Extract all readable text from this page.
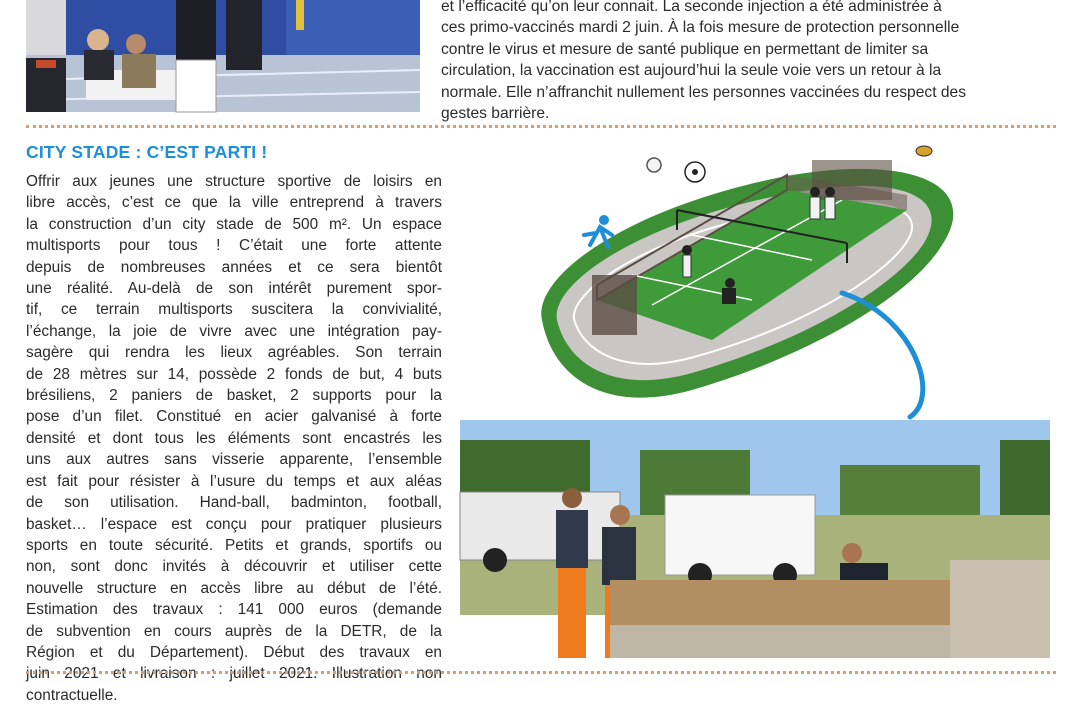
et l’efficacité qu’on leur connait. La seconde injection a été administrée à
ces primo-vaccinés mardi 2 juin. À la fois mesure de protection personnelle
contre le virus et mesure de santé publique en permettant de limiter sa
circulation, la vaccination est aujourd’hui la seule voie vers un retour à la
normale. Elle n’affranchit nullement les personnes vaccinées du respect des
gestes barrière.
CITY STADE : C’EST PARTI !
Offrir aux jeunes une structure sportive de loisirs en
libre accès, c’est ce que la ville entreprend à travers
la construction d’un city stade de 500 m². Un espace
multisports pour tous ! C’était une forte attente
depuis de nombreuses années et ce sera bientôt
une réalité. Au-delà de son intérêt purement spor-
tif, ce terrain multisports suscitera la convivialité,
l’échange, la joie de vivre avec une intégration pay-
sagère qui rendra les lieux agréables. Son terrain
de 28 mètres sur 14, possède 2 fonds de but, 4 buts
brésiliens, 2 paniers de basket, 2 supports pour la
pose d’un filet. Constitué en acier galvanisé à forte
densité et dont tous les éléments sont encastrés les
uns aux autres sans visserie apparente, l’ensemble
est fait pour résister à l’usure du temps et aux aléas
de son utilisation. Hand-ball, badminton, football,
basket… l’espace est conçu pour pratiquer plusieurs
sports en toute sécurité. Petits et grands, sportifs ou
non, sont donc invités à découvrir et utiliser cette
nouvelle structure en accès libre au début de l’été.
Estimation des travaux : 141 000 euros (demande
de subvention en cours auprès de la DETR, de la
Région et du Département). Début des travaux en
juin 2021 et livraison : juillet 2021. Illustration non
contractuelle.
